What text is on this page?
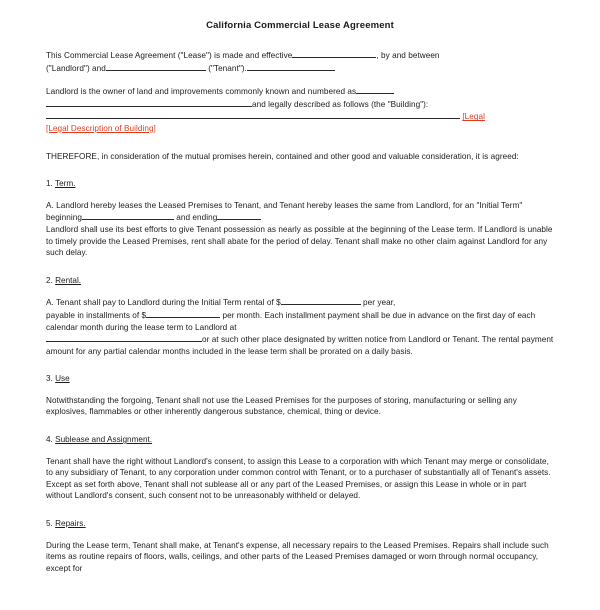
California Commercial Lease Agreement
This Commercial Lease Agreement ("Lease") is made and effective	, by and between
("Landlord") and	("Tenant").
Landlord is the owner of land and improvements commonly known and numbered as
and legally described as follows (the "Building"):
[Legal
[Legal Description of Building]
THEREFORE, in consideration of the mutual promises herein, contained and other good and valuable consideration, it is agreed:
1. Term.
A. Landlord hereby leases the Leased Premises to Tenant, and Tenant hereby leases the same from Landlord, for an "Initial Term" beginning	and ending
Landlord shall use its best efforts to give Tenant possession as nearly as possible at the beginning of the Lease term. If Landlord is unable to timely provide the Leased Premises, rent shall abate for the period of delay. Tenant shall make no other claim against Landlord for any such delay.
2. Rental.
A. Tenant shall pay to Landlord during the Initial Term rental of $	per year,
payable in installments of $	per month. Each installment payment shall be due in advance on the first day of each calendar month during the lease term to Landlord at
or at such other place designated by written notice from Landlord or Tenant. The rental payment amount for any partial calendar months included in the lease term shall be prorated on a daily basis.
3. Use
Notwithstanding the forgoing, Tenant shall not use the Leased Premises for the purposes of storing, manufacturing or selling any explosives, flammables or other inherently dangerous substance, chemical, thing or device.
4. Sublease and Assignment.
Tenant shall have the right without Landlord's consent, to assign this Lease to a corporation with which Tenant may merge or consolidate, to any subsidiary of Tenant, to any corporation under common control with Tenant, or to a purchaser of substantially all of Tenant's assets. Except as set forth above, Tenant shall not sublease all or any part of the Leased Premises, or assign this Lease in whole or in part without Landlord's consent, such consent not to be unreasonably withheld or delayed.
5. Repairs.
During the Lease term, Tenant shall make, at Tenant's expense, all necessary repairs to the Leased Premises. Repairs shall include such items as routine repairs of floors, walls, ceilings, and other parts of the Leased Premises damaged or worn through normal occupancy, except for
